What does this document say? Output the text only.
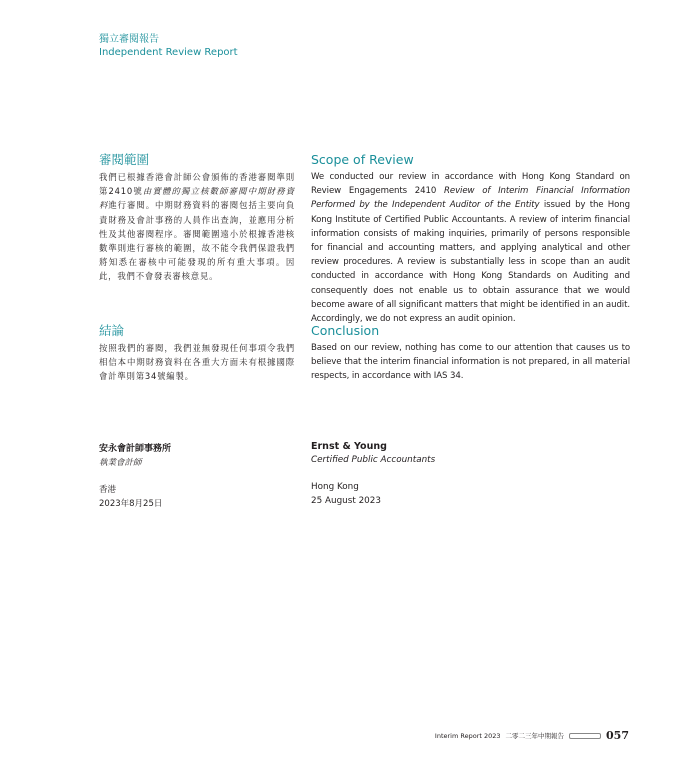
獨立審閱報告
Independent Review Report
審閱範圍	Scope of Review
我們已根據香港會計師公會頒佈的香港審閱準則第2410號由實體的獨立核數師審閱中期財務資料進行審閱。中期財務資料的審閱包括主要向負責財務及會計事務的人員作出查詢，並應用分析性及其他審閱程序。審閱範圍遠小於根據香港核數準則進行審核的範圍，故不能令我們保證我們將知悉在審核中可能發現的所有重大事項。因此，我們不會發表審核意見。
We conducted our review in accordance with Hong Kong Standard on Review Engagements 2410 Review of Interim Financial Information Performed by the Independent Auditor of the Entity issued by the Hong Kong Institute of Certified Public Accountants. A review of interim financial information consists of making inquiries, primarily of persons responsible for financial and accounting matters, and applying analytical and other review procedures. A review is substantially less in scope than an audit conducted in accordance with Hong Kong Standards on Auditing and consequently does not enable us to obtain assurance that we would become aware of all significant matters that might be identified in an audit. Accordingly, we do not express an audit opinion.
結論	Conclusion
按照我們的審閱，我們並無發現任何事項令我們相信本中期財務資料在各重大方面未有根據國際會計準則第34號編製。
Based on our review, nothing has come to our attention that causes us to believe that the interim financial information is not prepared, in all material respects, in accordance with IAS 34.
安永會計師事務所
執業會計師
香港
2023年8月25日
Ernst & Young
Certified Public Accountants
Hong Kong
25 August 2023
Interim Report 2023 二零二三年中期報告	057
